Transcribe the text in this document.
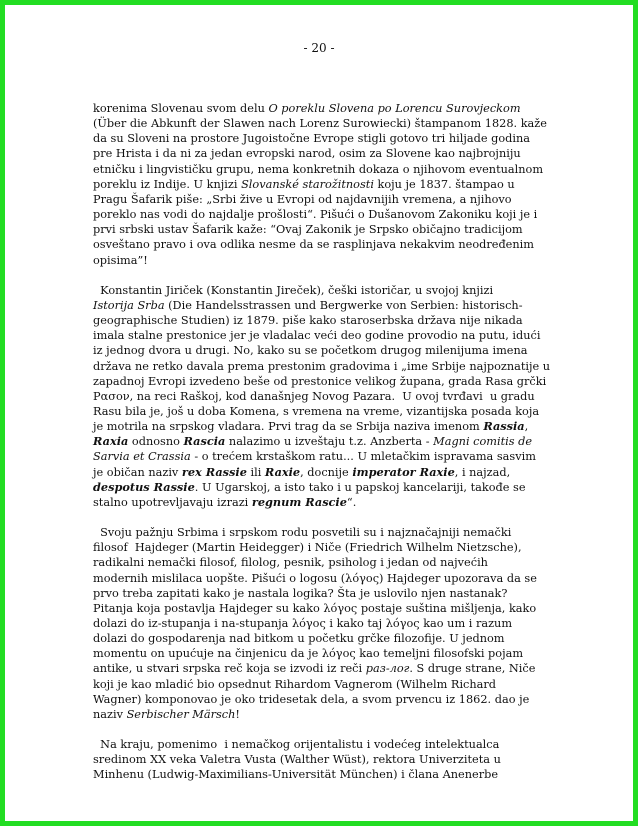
- 20 -

korenima Slovenau svom delu O poreklu Slovena po Lorencu Surovjeckom
(Über die Abkunft der Slawen nach Lorenz Surowiecki) štampanom 1828. kaže
da su Sloveni na prostore Jugoistočne Evrope stigli gotovo tri hiljade godina
pre Hrista i da ni za jedan evropski narod, osim za Slovene kao najbrojniju
etničku i lingvističku grupu, nema konkretnih dokaza o njihovom eventualnom
poreklu iz Indije. U knjizi Slovanské starožitnosti koju je 1837. štampao u
Pragu Šafarik piše: „Srbi žive u Evropi od najdavnijih vremena, a njihovo
poreklo nas vodi do najdalje prošlosti“. Pišući o Dušanovom Zakoniku koji je i
prvi srbski ustav Šafarik kaže: “Ovaj Zakonik je Srpsko običajno tradicijom
osveštano pravo i ova odlika nesme da se rasplinjava nekakvim neodređenim
opisima”!

Konstantin Jiriček (Konstantin Jireček), češki istoričar, u svojoj knjizi
Istorija Srba (Die Handelsstrassen und Bergwerke von Serbien: historisch-
geographische Studien) iz 1879. piše kako staroserbska država nije nikada
imala stalne prestonice jer je vladalac veći deo godine provodio na putu, idući
iz jednog dvora u drugi. No, kako su se početkom drugog milenijuma imena
država ne retko davala prema prestonim gradovima i „ime Srbije najpoznatije u
zapadnoj Evropi izvedeno beše od prestonice velikog župana, grada Rasa grčki
Ρασον, na reci Raškoj, kod današnjeg Novog Pazara.  U ovoj tvrđavi  u gradu
Rasu bila je, još u doba Komena, s vremena na vreme, vizantijska posada koja
je motrila na srpskog vladara. Prvi trag da se Srbija naziva imenom Rassia,
Raxia odnosno Rascia nalazimo u izveštaju t.z. Anzberta - Magni comitis de
Sarvia et Crassia - o trećem krstaškom ratu... U mletačkim ispravama sasvim
je običan naziv rex Rassie ili Raxie, docnije imperator Raxie, i najzad,
despotus Rassie. U Ugarskoj, a isto tako i u papskoj kancelariji, takođe se
stalno upotrevljavaju izrazi regnum Rascie“.

Svoju pažnju Srbima i srpskom rodu posvetili su i najznačajniji nemački
filosof  Hajdeger (Martin Heidegger) i Niče (Friedrich Wilhelm Nietzsche),
radikalni nemački filosof, filolog, pesnik, psiholog i jedan od najvećih
modernih mislilaca uopšte. Pišući o logosu (λόγος) Hajdeger upozorava da se
prvo treba zapitati kako je nastala logika? Šta je uslovilo njen nastanak?
Pitanja koja postavlja Hajdeger su kako λόγος postaje suština mišljenja, kako
dolazi do iz-stupanja i na-stupanja λόγος i kako taj λόγος kao um i razum
dolazi do gospodarenja nad bitkom u početku grčke filozofije. U jednom
momentu on upućuje na činjenicu da je λόγος kao temeljni filosofski pojam
antike, u stvari srpska reč koja se izvodi iz reči раз-лог. S druge strane, Niče
koji je kao mladić bio opsednut Rihardom Vagnerom (Wilhelm Richard
Wagner) komponovao je oko tridesetak dela, a svom prvencu iz 1862. dao je
naziv Serbischer Märsch!

Na kraju, pomenimo  i nemačkog orijentalistu i vodećeg intelektualca
sredinom XX veka Valetra Vusta (Walther Wüst), rektora Univerziteta u
Minhenu (Ludwig-Maximilians-Universität München) i člana Anenerbe
